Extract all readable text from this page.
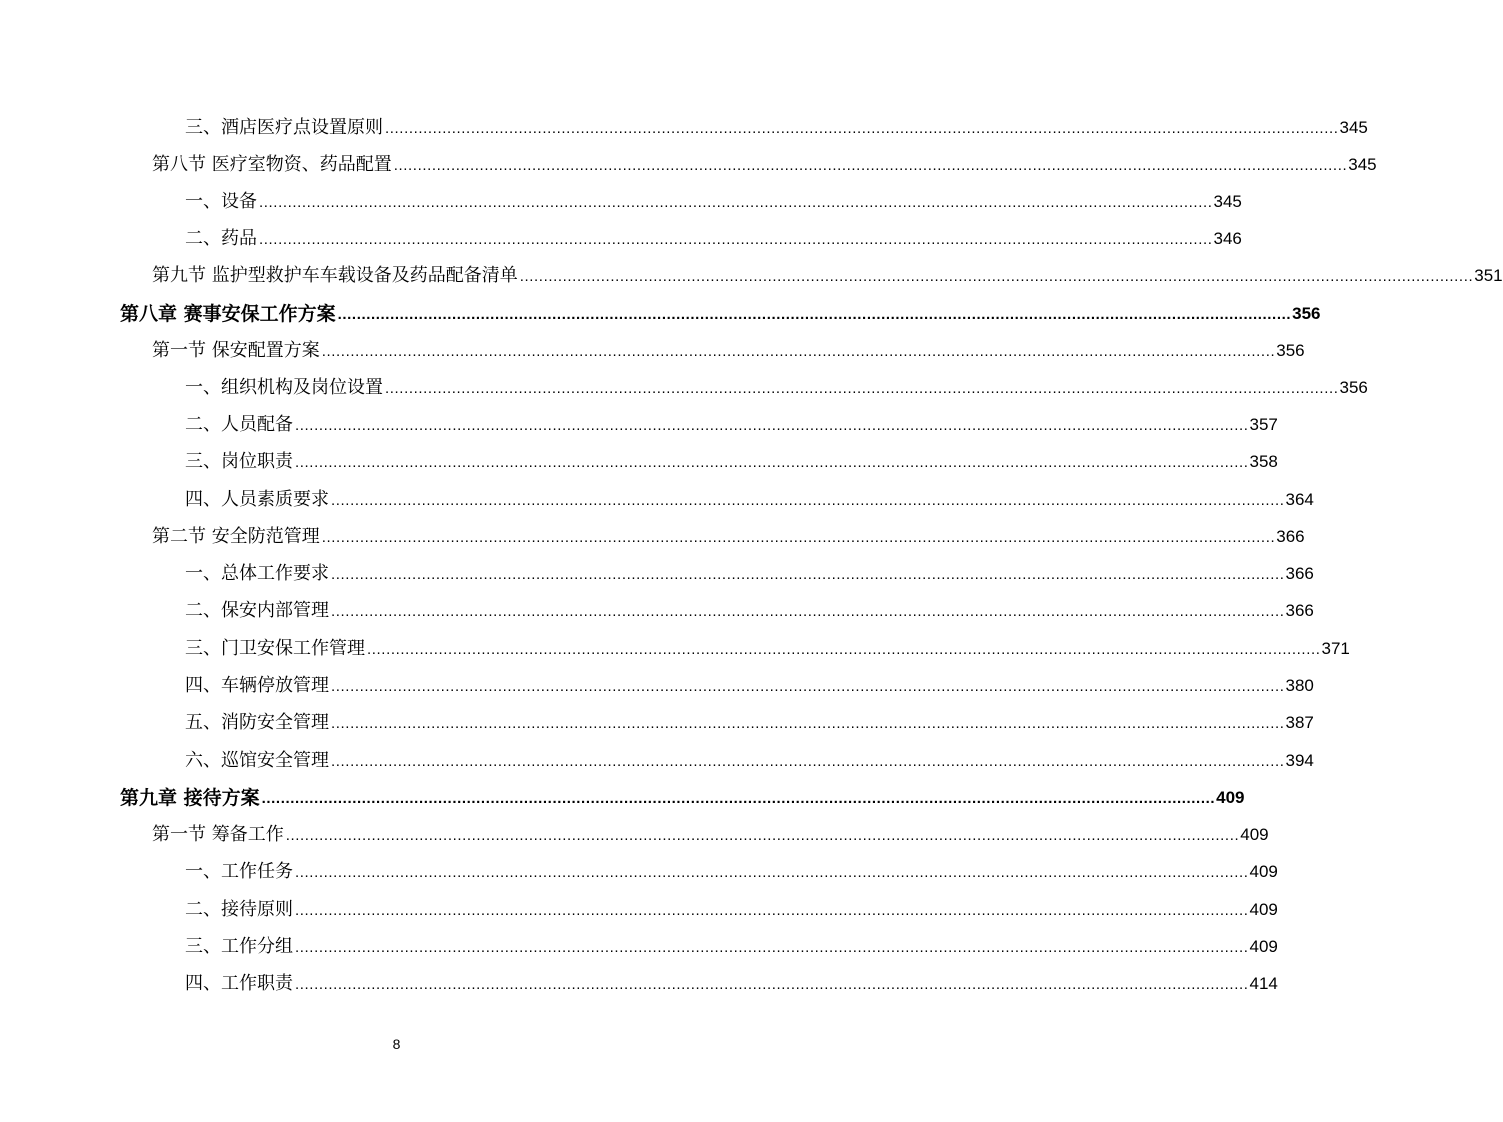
三、酒店医疗点设置原则 ........................................................................................................................................................................................................ 345
第八节 医疗室物资、药品配置 ........................................................................................................................................................................................................ 345
一、设备 ........................................................................................................................................................................................................ 345
二、药品 ........................................................................................................................................................................................................ 346
第九节 监护型救护车车载设备及药品配备清单 ........................................................................................................................................................................................................ 351
第八章 赛事安保工作方案 ........................................................................................................................................................................................................ 356
第一节 保安配置方案 ........................................................................................................................................................................................................ 356
一、组织机构及岗位设置 ........................................................................................................................................................................................................ 356
二、人员配备 ........................................................................................................................................................................................................ 357
三、岗位职责 ........................................................................................................................................................................................................ 358
四、人员素质要求 ........................................................................................................................................................................................................ 364
第二节 安全防范管理 ........................................................................................................................................................................................................ 366
一、总体工作要求 ........................................................................................................................................................................................................ 366
二、保安内部管理 ........................................................................................................................................................................................................ 366
三、门卫安保工作管理 ........................................................................................................................................................................................................ 371
四、车辆停放管理 ........................................................................................................................................................................................................ 380
五、消防安全管理 ........................................................................................................................................................................................................ 387
六、巡馆安全管理 ........................................................................................................................................................................................................ 394
第九章 接待方案 ........................................................................................................................................................................................................ 409
第一节 筹备工作 ........................................................................................................................................................................................................ 409
一、工作任务 ........................................................................................................................................................................................................ 409
二、接待原则 ........................................................................................................................................................................................................ 409
三、工作分组 ........................................................................................................................................................................................................ 409
四、工作职责 ........................................................................................................................................................................................................ 414
8
